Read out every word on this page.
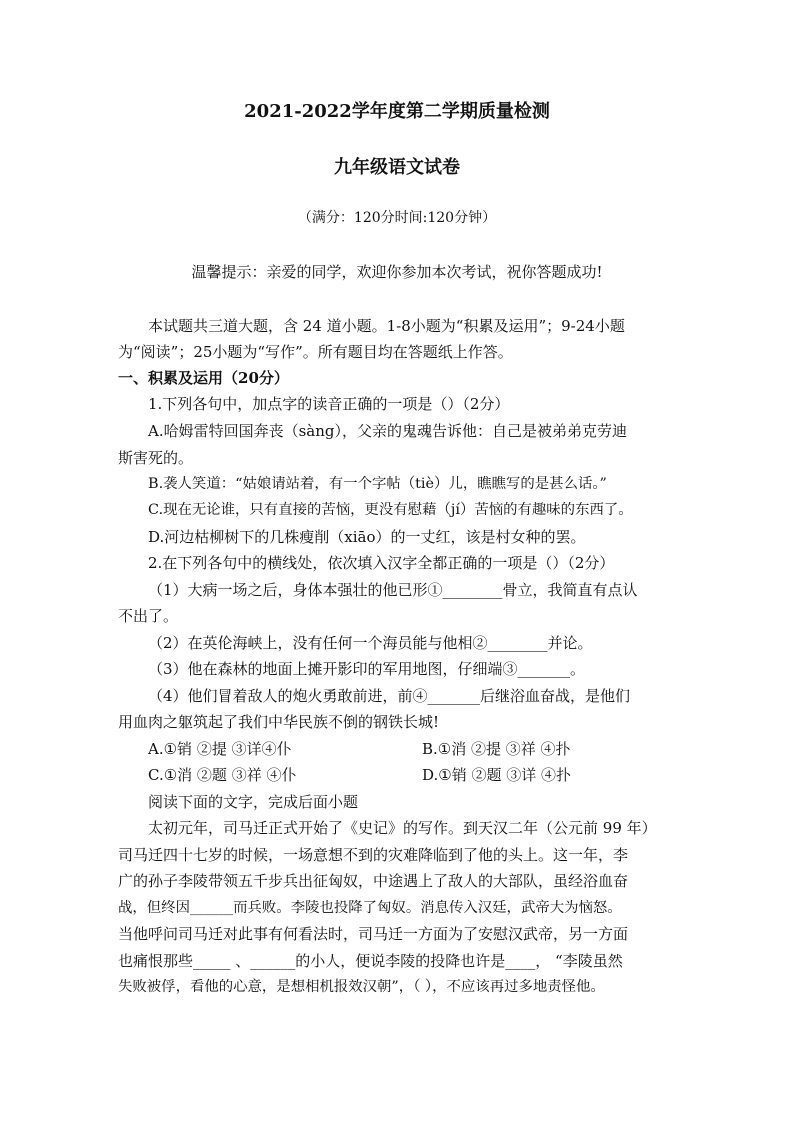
2021-2022学年度第二学期质量检测
九年级语文试卷
（满分：120分时间:120分钟）
温馨提示：亲爱的同学，欢迎你参加本次考试，祝你答题成功!
本试题共三道大题，含 24 道小题。1-8小题为“积累及运用”；9-24小题
为“阅读”；25小题为“写作”。所有题目均在答题纸上作答。
一、积累及运用（20分）
1.下列各句中，加点字的读音正确的一项是（）（2分）
A.哈姆雷特回国奔丧（sàng），父亲的鬼魂告诉他：自己是被弟弟克劳迪
斯害死的。
B.袭人笑道：“姑娘请站着，有一个字帖（tiè）儿，瞧瞧写的是甚么话。”
C.现在无论谁，只有直接的苦恼，更没有慰藉（jí）苦恼的有趣味的东西了。
D.河边枯柳树下的几株瘦削（xiāo）的一丈红，该是村女种的罢。
2.在下列各句中的横线处，依次填入汉字全都正确的一项是（）（2分）
（1）大病一场之后，身体本强壮的他已形①________骨立，我简直有点认
不出了。
（2）在英伦海峡上，没有任何一个海员能与他相②________并论。
（3）他在森林的地面上摊开影印的军用地图，仔细端③_______。
（4）他们冒着敌人的炮火勇敢前进，前④_______后继浴血奋战，是他们
用血肉之躯筑起了我们中华民族不倒的钢铁长城!
A.①销 ②提 ③详④仆	B.①消 ②提 ③祥 ④扑
C.①消 ②题 ③祥 ④仆	D.①销 ②题 ③详 ④扑
阅读下面的文字，完成后面小题
太初元年，司马迁正式开始了《史记》的写作。到天汉二年（公元前 99 年）
司马迁四十七岁的时候，一场意想不到的灾难降临到了他的头上。这一年，李
广的孙子李陵带领五千步兵出征匈奴，中途遇上了敌人的大部队，虽经浴血奋
战，但终因______而兵败。李陵也投降了匈奴。消息传入汉廷，武帝大为恼怒。
当他呼问司马迁对此事有何看法时，司马迁一方面为了安慰汉武帝，另一方面
也痛恨那些_____ 、______的小人，便说李陵的投降也许是____， “李陵虽然
失败被俘，看他的心意，是想相机报效汉朝”，（ ），不应该再过多地责怪他。
